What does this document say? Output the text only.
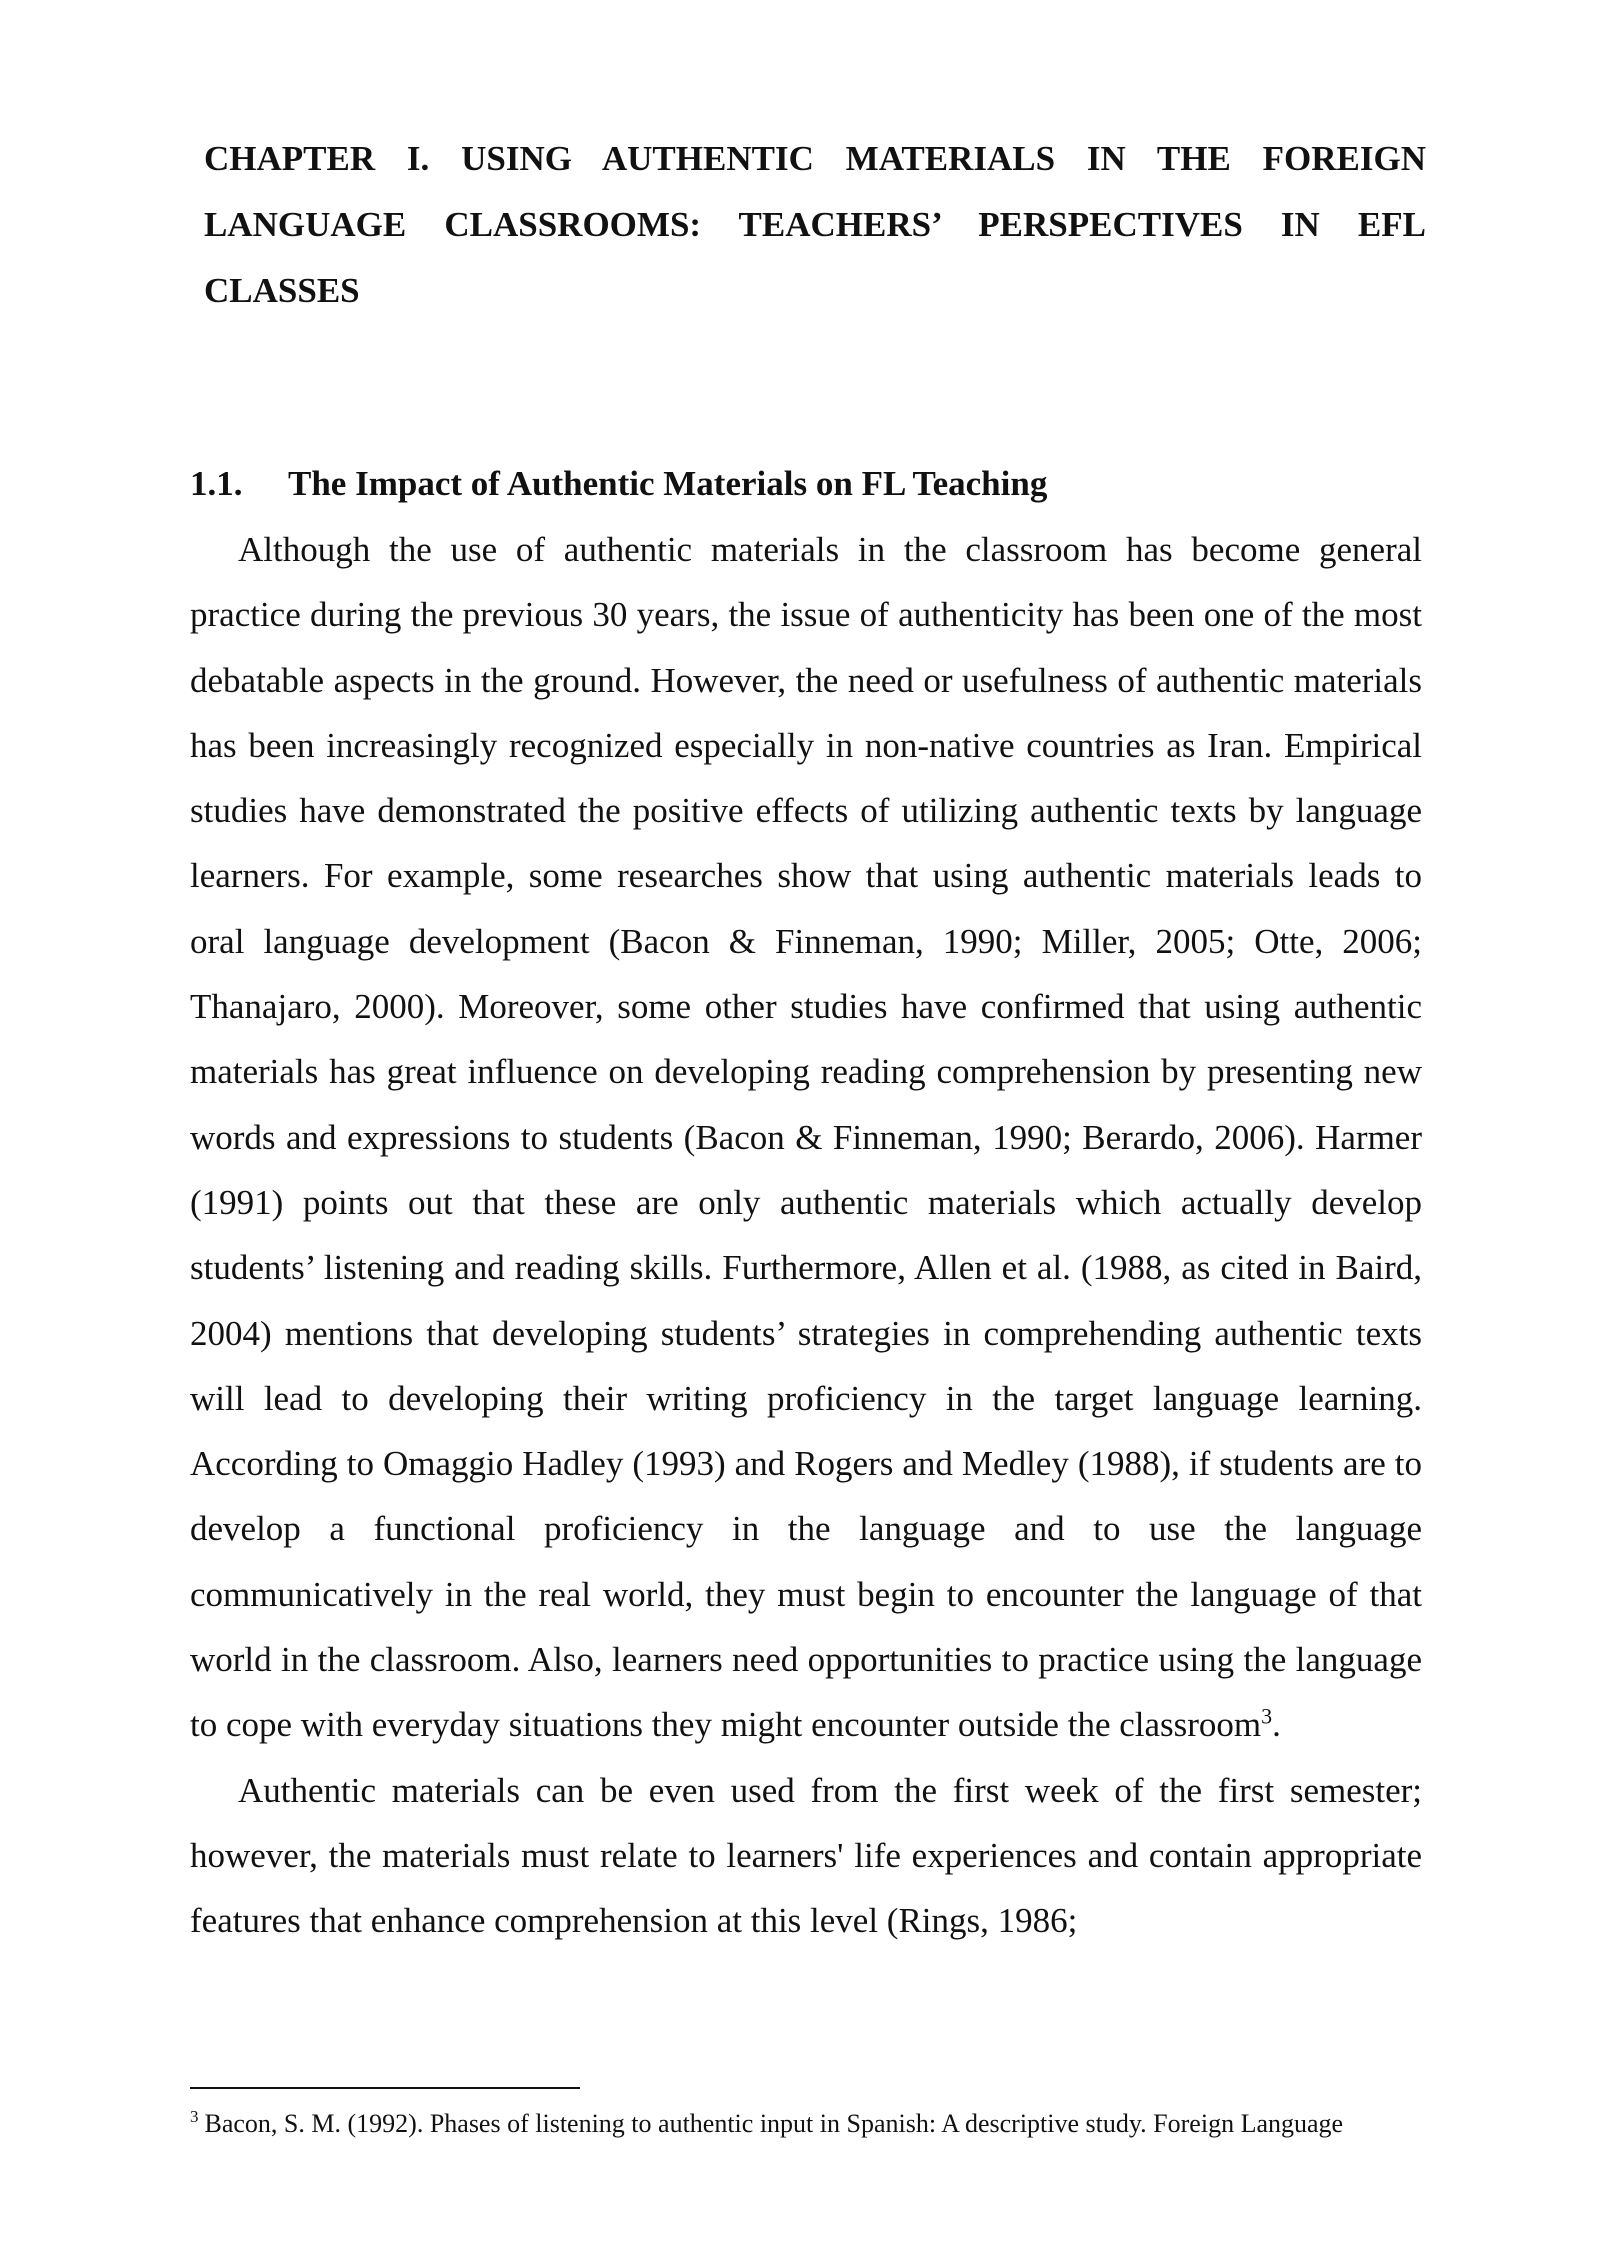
CHAPTER I. USING AUTHENTIC MATERIALS IN THE FOREIGN LANGUAGE CLASSROOMS: TEACHERS’ PERSPECTIVES IN EFL CLASSES
1.1. The Impact of Authentic Materials on FL Teaching

Although the use of authentic materials in the classroom has become general practice during the previous 30 years, the issue of authenticity has been one of the most debatable aspects in the ground. However, the need or usefulness of authentic materials has been increasingly recognized especially in non-native countries as Iran. Empirical studies have demonstrated the positive effects of utilizing authentic texts by language learners. For example, some researches show that using authentic materials leads to oral language development (Bacon & Finneman, 1990; Miller, 2005; Otte, 2006; Thanajaro, 2000). Moreover, some other studies have confirmed that using authentic materials has great influence on developing reading comprehension by presenting new words and expressions to students (Bacon & Finneman, 1990; Berardo, 2006). Harmer (1991) points out that these are only authentic materials which actually develop students’ listening and reading skills. Furthermore, Allen et al. (1988, as cited in Baird, 2004) mentions that developing students’ strategies in comprehending authentic texts will lead to developing their writing proficiency in the target language learning. According to Omaggio Hadley (1993) and Rogers and Medley (1988), if students are to develop a functional proficiency in the language and to use the language communicatively in the real world, they must begin to encounter the language of that world in the classroom. Also, learners need opportunities to practice using the language to cope with everyday situations they might encounter outside the classroom$^3$.

Authentic materials can be even used from the first week of the first semester; however, the materials must relate to learners' life experiences and contain appropriate features that enhance comprehension at this level (Rings, 1986;

$^3$ Bacon, S. M. (1992). Phases of listening to authentic input in Spanish: A descriptive study. Foreign Language
